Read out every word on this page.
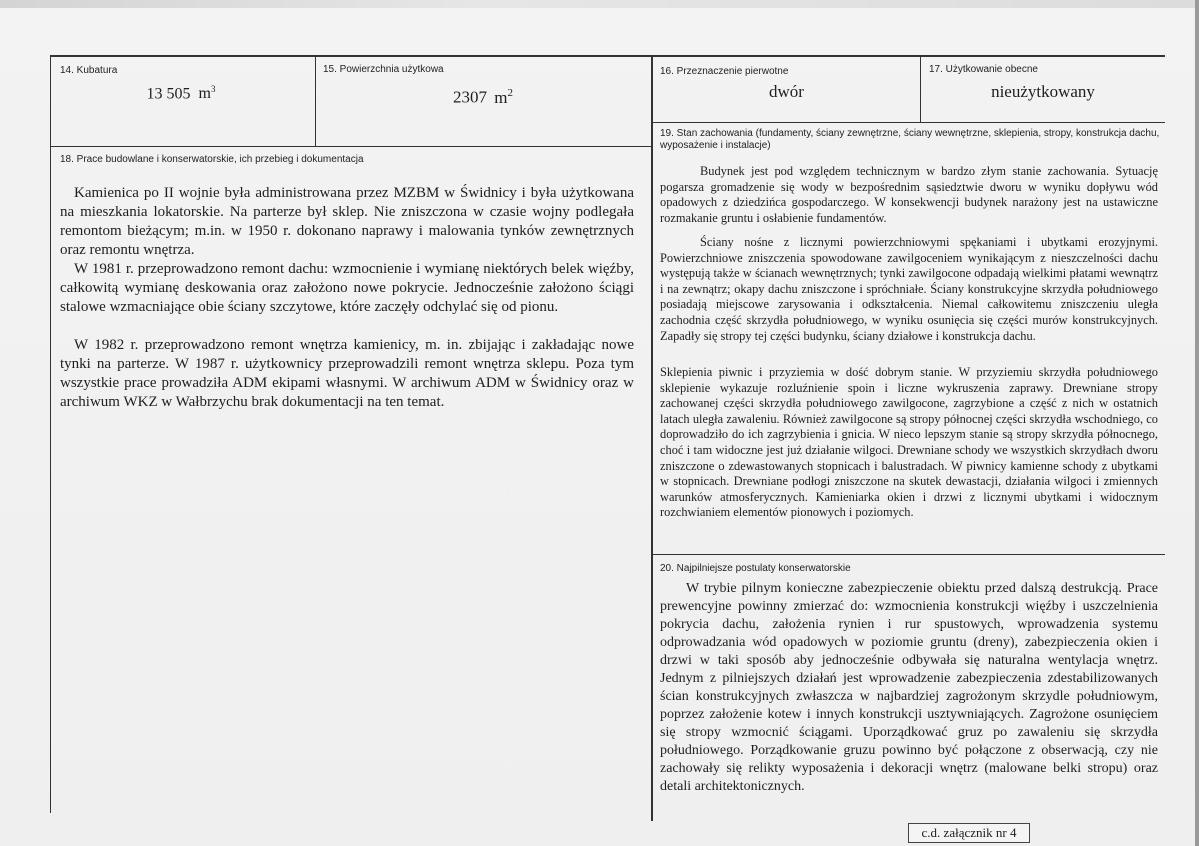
14. Kubatura
13 505 $m^3$
15. Powierzchnia użytkowa
2307 $m^2$
16. Przeznaczenie pierwotne
dwór
17. Użytkowanie obecne
nieużytkowany
18. Prace budowlane i konserwatorskie, ich przebieg i dokumentacja

Kamienica po II wojnie była administrowana przez MZBM w Świdnicy i była użytkowana na mieszkania lokatorskie. Na parterze był sklep. Nie zniszczona w czasie wojny podlegała remontom bieżącym; m.in. w 1950 r. dokonano naprawy i malowania tynków zewnętrznych oraz remontu wnętrza.

W 1981 r. przeprowadzono remont dachu: wzmocnienie i wymianę niektórych belek więźby, całkowitą wymianę deskowania oraz założono nowe pokrycie. Jednocześnie założono ściągi stalowe wzmacniające obie ściany szczytowe, które zaczęły odchylać się od pionu.

W 1982 r. przeprowadzono remont wnętrza kamienicy, m. in. zbijając i zakładając nowe tynki na parterze. W 1987 r. użytkownicy przeprowadzili remont wnętrza sklepu. Poza tym wszystkie prace prowadziła ADM ekipami własnymi. W archiwum ADM w Świdnicy oraz w archiwum WKZ w Wałbrzychu brak dokumentacji na ten temat.

19. Stan zachowania (fundamenty, ściany zewnętrzne, ściany wewnętrzne, sklepienia, stropy, konstrukcja dachu, wyposażenie i instalacje)

Budynek jest pod względem technicznym w bardzo złym stanie zachowania. Sytuację pogarsza gromadzenie się wody w bezpośrednim sąsiedztwie dworu w wyniku dopływu wód opadowych z dziedzińca gospodarczego. W konsekwencji budynek narażony jest na ustawiczne rozmakanie gruntu i osłabienie fundamentów.

Ściany nośne z licznymi powierzchniowymi spękaniami i ubytkami erozyjnymi. Powierzchniowe zniszczenia spowodowane zawilgoceniem wynikającym z nieszczelności dachu występują także w ścianach wewnętrznych; tynki zawilgocone odpadają wielkimi płatami wewnątrz i na zewnątrz; okapy dachu zniszczone i spróchniałe. Ściany konstrukcyjne skrzydła południowego posiadają miejscowe zarysowania i odkształcenia. Niemal całkowitemu zniszczeniu uległa zachodnia część skrzydła południowego, w wyniku osunięcia się części murów konstrukcyjnych. Zapadły się stropy tej części budynku, ściany działowe i konstrukcja dachu.

Sklepienia piwnic i przyziemia w dość dobrym stanie. W przyziemiu skrzydła południowego sklepienie wykazuje rozluźnienie spoin i liczne wykruszenia zaprawy. Drewniane stropy zachowanej części skrzydła południowego zawilgocone, zagrzybione a część z nich w ostatnich latach uległa zawaleniu. Również zawilgocone są stropy północnej części skrzydła wschodniego, co doprowadziło do ich zagrzybienia i gnicia. W nieco lepszym stanie są stropy skrzydła północnego, choć i tam widoczne jest już działanie wilgoci. Drewniane schody we wszystkich skrzydłach dworu zniszczone o zdewastowanych stopnicach i balustradach. W piwnicy kamienne schody z ubytkami w stopnicach. Drewniane podłogi zniszczone na skutek dewastacji, działania wilgoci i zmiennych warunków atmosferycznych. Kamieniarka okien i drzwi z licznymi ubytkami i widocznym rozchwianiem elementów pionowych i poziomych.

20. Najpilniejsze postulaty konserwatorskie

W trybie pilnym konieczne zabezpieczenie obiektu przed dalszą destrukcją. Prace prewencyjne powinny zmierzać do: wzmocnienia konstrukcji więźby i uszczelnienia pokrycia dachu, założenia rynien i rur spustowych, wprowadzenia systemu odprowadzania wód opadowych w poziomie gruntu (dreny), zabezpieczenia okien i drzwi w taki sposób aby jednocześnie odbywała się naturalna wentylacja wnętrz. Jednym z pilniejszych działań jest wprowadzenie zabezpieczenia zdestabilizowanych ścian konstrukcyjnych zwłaszcza w najbardziej zagrożonym skrzydle południowym, poprzez założenie kotew i innych konstrukcji usztywniających. Zagrożone osunięciem się stropy wzmocnić ściągami. Uporządkować gruz po zawaleniu się skrzydła południowego. Porządkowanie gruzu powinno być połączone z obserwacją, czy nie zachowały się relikty wyposażenia i dekoracji wnętrz (malowane belki stropu) oraz detali architektonicznych.

c.d. załącznik nr 4
